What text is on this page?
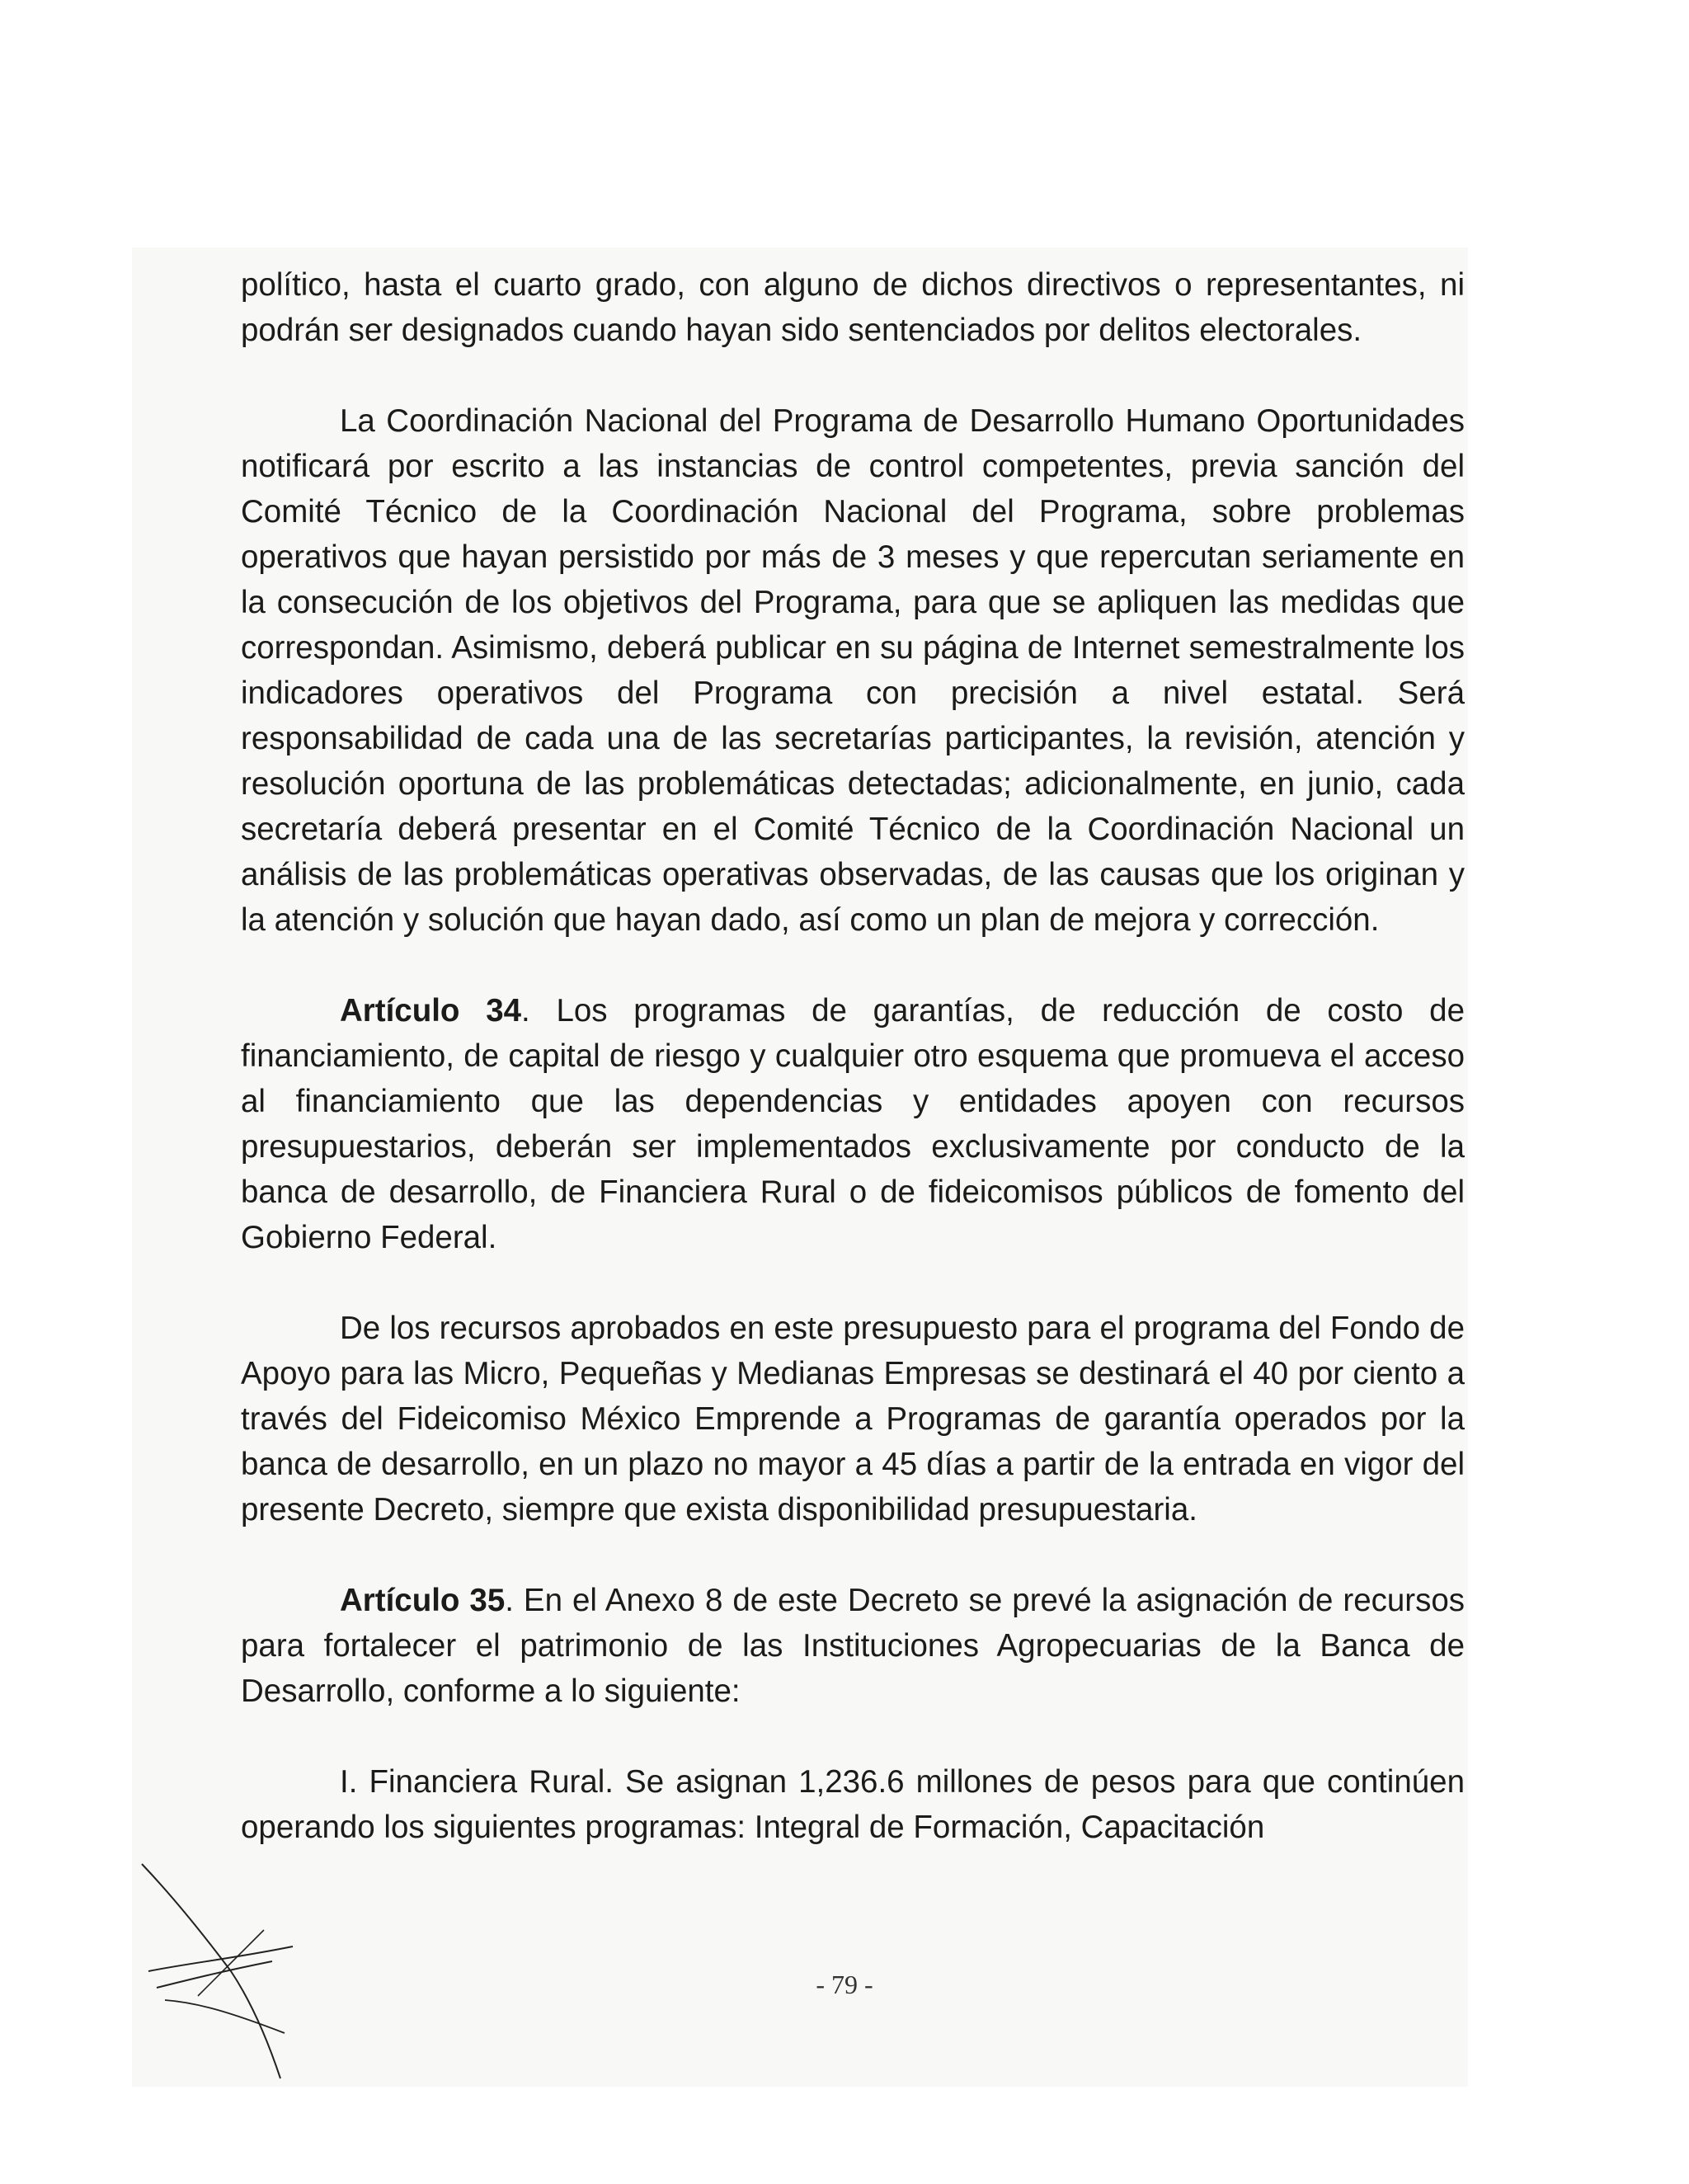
político, hasta el cuarto grado, con alguno de dichos directivos o representantes, ni podrán ser designados cuando hayan sido sentenciados por delitos electorales.

La Coordinación Nacional del Programa de Desarrollo Humano Oportunidades notificará por escrito a las instancias de control competentes, previa sanción del Comité Técnico de la Coordinación Nacional del Programa, sobre problemas operativos que hayan persistido por más de 3 meses y que repercutan seriamente en la consecución de los objetivos del Programa, para que se apliquen las medidas que correspondan. Asimismo, deberá publicar en su página de Internet semestralmente los indicadores operativos del Programa con precisión a nivel estatal. Será responsabilidad de cada una de las secretarías participantes, la revisión, atención y resolución oportuna de las problemáticas detectadas; adicionalmente, en junio, cada secretaría deberá presentar en el Comité Técnico de la Coordinación Nacional un análisis de las problemáticas operativas observadas, de las causas que los originan y la atención y solución que hayan dado, así como un plan de mejora y corrección.

Artículo 34. Los programas de garantías, de reducción de costo de financiamiento, de capital de riesgo y cualquier otro esquema que promueva el acceso al financiamiento que las dependencias y entidades apoyen con recursos presupuestarios, deberán ser implementados exclusivamente por conducto de la banca de desarrollo, de Financiera Rural o de fideicomisos públicos de fomento del Gobierno Federal.

De los recursos aprobados en este presupuesto para el programa del Fondo de Apoyo para las Micro, Pequeñas y Medianas Empresas se destinará el 40 por ciento a través del Fideicomiso México Emprende a Programas de garantía operados por la banca de desarrollo, en un plazo no mayor a 45 días a partir de la entrada en vigor del presente Decreto, siempre que exista disponibilidad presupuestaria.

Artículo 35. En el Anexo 8 de este Decreto se prevé la asignación de recursos para fortalecer el patrimonio de las Instituciones Agropecuarias de la Banca de Desarrollo, conforme a lo siguiente:

I. Financiera Rural. Se asignan 1,236.6 millones de pesos para que continúen operando los siguientes programas: Integral de Formación, Capacitación

- 79 -
